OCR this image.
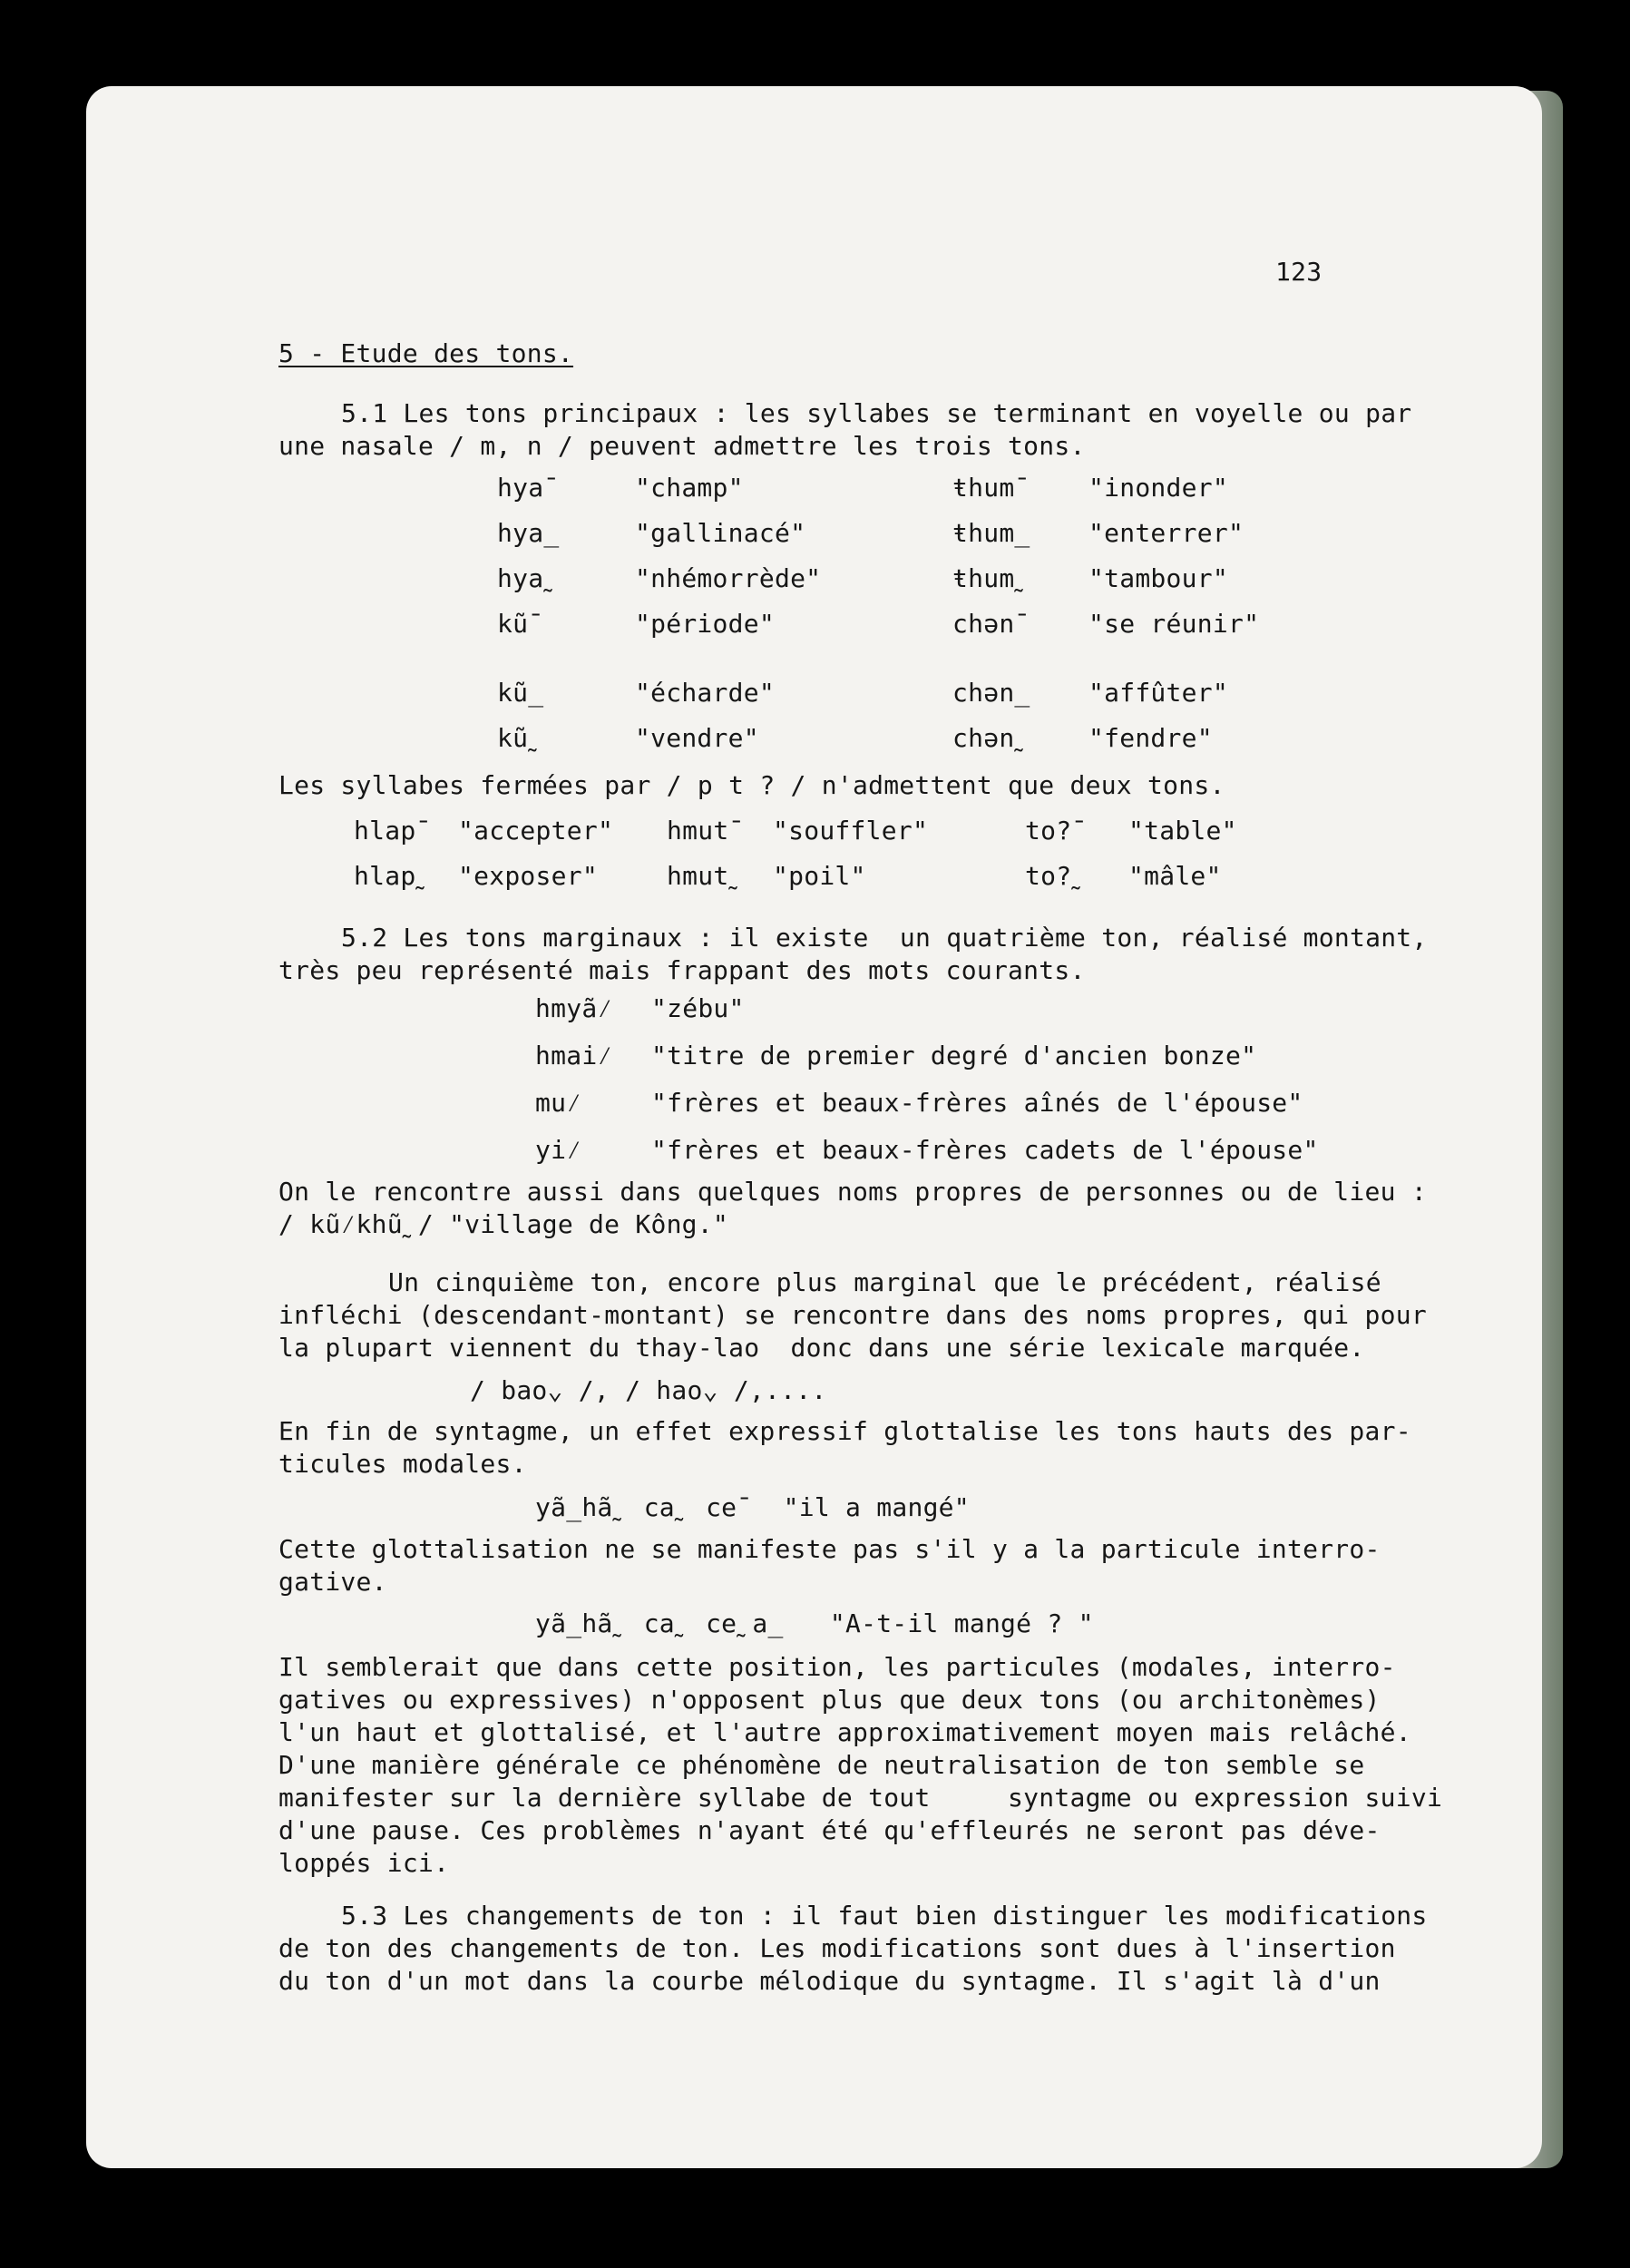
123
5 - Etude des tons.
5.1 Les tons principaux : les syllabes se terminant en voyelle ou par
une nasale / m, n / peuvent admettre les trois tons.
hya¯	"champ"	ŧhum¯ "inonder"
hya_	"gallinacé"	ŧhum_ "enterrer"
hya˷	"nhémorrède"	ŧhum˷ "tambour"
kũ¯	"période"	chən¯ "se réunir"
kũ_	"écharde"	chən_ "affûter"
kũ˷	"vendre"	chən˷ "fendre"
Les syllabes fermées par / p t ? / n'admettent que deux tons.
hlap¯ "accepter" hmut¯ "souffler"	to?¯ "table"
hlap˷ "exposer"	hmut˷ "poil"	to?˷ "mâle"
5.2 Les tons marginaux : il existe  un quatrième ton, réalisé montant,
très peu représenté mais frappant des mots courants.
hmyã⁄ "zébu"
hmai⁄ "titre de premier degré d'ancien bonze"
mu⁄	"frères et beaux-frères aînés de l'épouse"
yi⁄	"frères et beaux-frères cadets de l'épouse"
On le rencontre aussi dans quelques noms propres de personnes ou de lieu :
/ kũ⁄khũ˷/ "village de Kông."
Un cinquième ton, encore plus marginal que le précédent, réalisé
infléchi (descendant-montant) se rencontre dans des noms propres, qui pour
la plupart viennent du thay-lao  donc dans une série lexicale marquée.
/ bao⌄ /, / hao⌄ /,....
En fin de syntagme, un effet expressif glottalise les tons hauts des par-
ticules modales.
yã_hã˷ ca˷ ce¯  "il a mangé"
Cette glottalisation ne se manifeste pas s'il y a la particule interro-
gative.
yã_hã˷ ca˷ ce˷a_   "A-t-il mangé ? "
Il semblerait que dans cette position, les particules (modales, interro-
gatives ou expressives) n'opposent plus que deux tons (ou architonèmes)
l'un haut et glottalisé, et l'autre approximativement moyen mais relâché.
D'une manière générale ce phénomène de neutralisation de ton semble se
manifester sur la dernière syllabe de tout     syntagme ou expression suivi
d'une pause. Ces problèmes n'ayant été qu'effleurés ne seront pas déve-
loppés ici.
5.3 Les changements de ton : il faut bien distinguer les modifications
de ton des changements de ton. Les modifications sont dues à l'insertion
du ton d'un mot dans la courbe mélodique du syntagme. Il s'agit là d'un
